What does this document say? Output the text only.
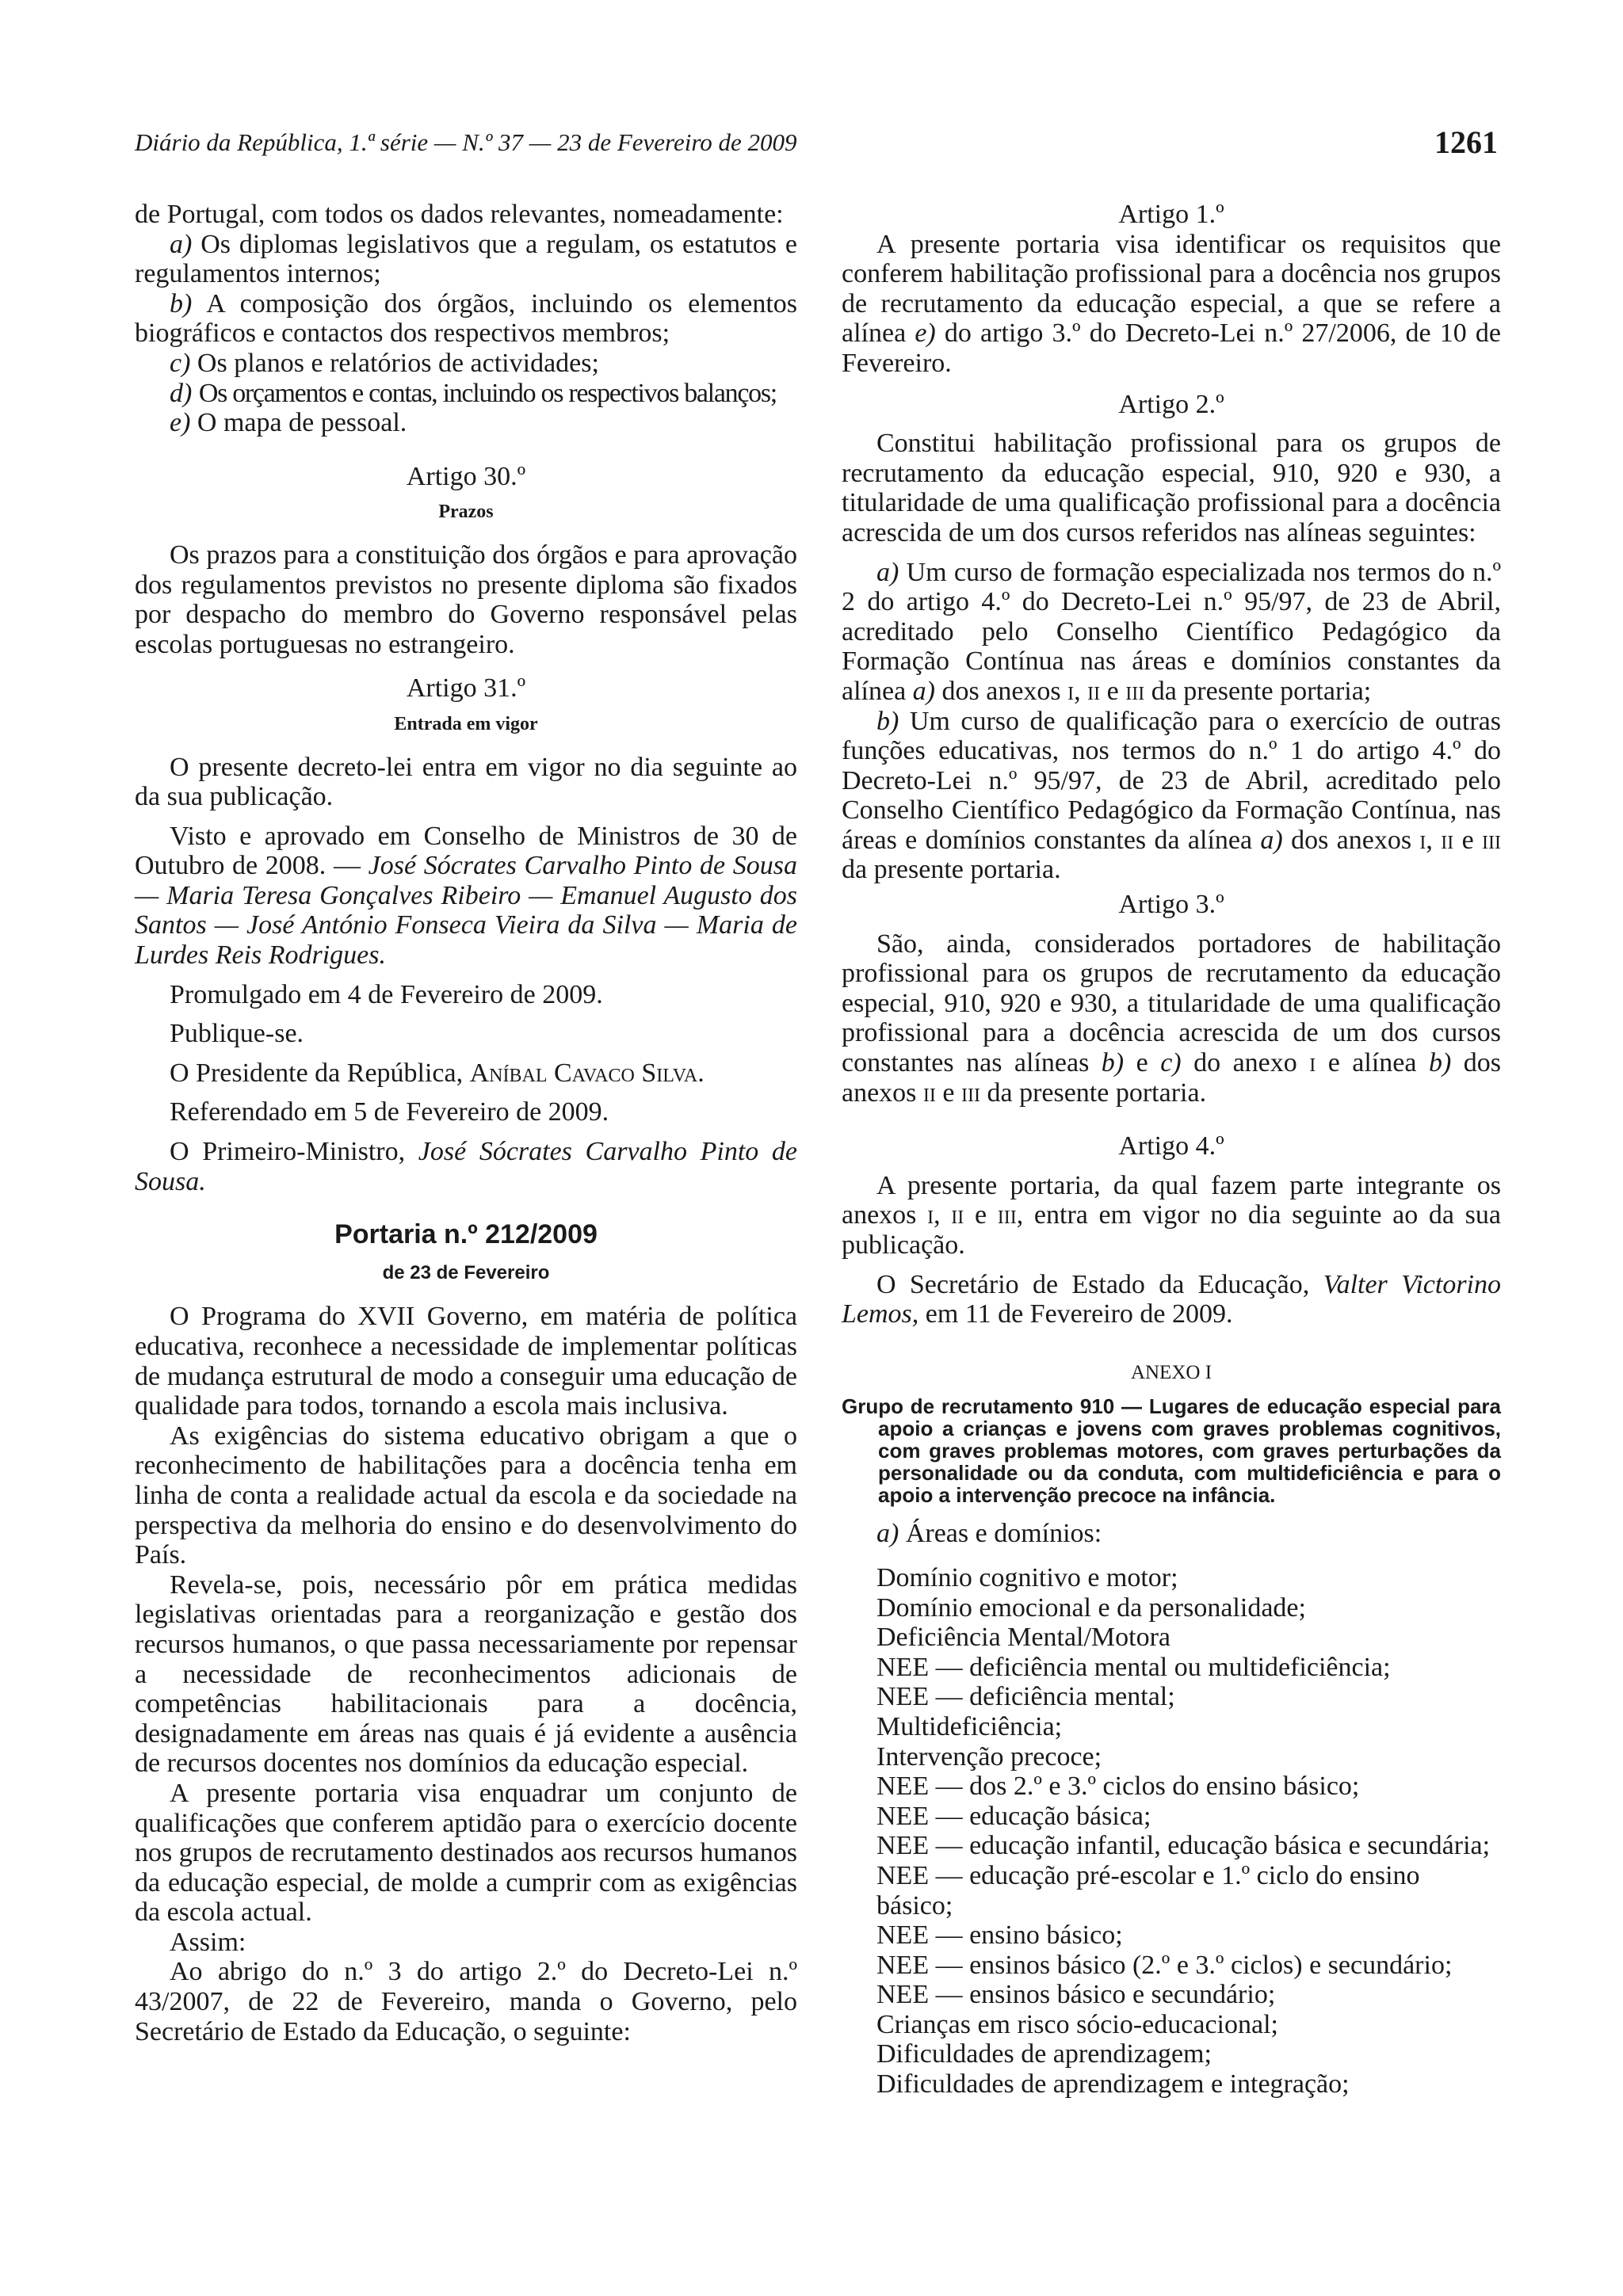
Diário da República, 1.ª série — N.º 37 — 23 de Fevereiro de 2009	1261

de Portugal, com todos os dados relevantes, nomeadamente:

a) Os diplomas legislativos que a regulam, os estatutos e regulamentos internos;

b) A composição dos órgãos, incluindo os elementos biográficos e contactos dos respectivos membros;

c) Os planos e relatórios de actividades;

d) Os orçamentos e contas, incluindo os respectivos balanços;

e) O mapa de pessoal.

Artigo 30.º

Prazos

Os prazos para a constituição dos órgãos e para aprovação dos regulamentos previstos no presente diploma são fixados por despacho do membro do Governo responsável pelas escolas portuguesas no estrangeiro.

Artigo 31.º

Entrada em vigor

O presente decreto-lei entra em vigor no dia seguinte ao da sua publicação.

Visto e aprovado em Conselho de Ministros de 30 de Outubro de 2008. — José Sócrates Carvalho Pinto de Sousa — Maria Teresa Gonçalves Ribeiro — Emanuel Augusto dos Santos — José António Fonseca Vieira da Silva — Maria de Lurdes Reis Rodrigues.

Promulgado em 4 de Fevereiro de 2009.

Publique-se.

O Presidente da República, Aníbal Cavaco Silva.

Referendado em 5 de Fevereiro de 2009.

O Primeiro-Ministro, José Sócrates Carvalho Pinto de Sousa.

Portaria n.º 212/2009

de 23 de Fevereiro

O Programa do XVII Governo, em matéria de política educativa, reconhece a necessidade de implementar políticas de mudança estrutural de modo a conseguir uma educação de qualidade para todos, tornando a escola mais inclusiva.

As exigências do sistema educativo obrigam a que o reconhecimento de habilitações para a docência tenha em linha de conta a realidade actual da escola e da sociedade na perspectiva da melhoria do ensino e do desenvolvimento do País.

Revela-se, pois, necessário pôr em prática medidas legislativas orientadas para a reorganização e gestão dos recursos humanos, o que passa necessariamente por repensar a necessidade de reconhecimentos adicionais de competências habilitacionais para a docência, designadamente em áreas nas quais é já evidente a ausência de recursos docentes nos domínios da educação especial.

A presente portaria visa enquadrar um conjunto de qualificações que conferem aptidão para o exercício docente nos grupos de recrutamento destinados aos recursos humanos da educação especial, de molde a cumprir com as exigências da escola actual.

Assim:

Ao abrigo do n.º 3 do artigo 2.º do Decreto-Lei n.º 43/2007, de 22 de Fevereiro, manda o Governo, pelo Secretário de Estado da Educação, o seguinte:

Artigo 1.º

A presente portaria visa identificar os requisitos que conferem habilitação profissional para a docência nos grupos de recrutamento da educação especial, a que se refere a alínea e) do artigo 3.º do Decreto-Lei n.º 27/2006, de 10 de Fevereiro.

Artigo 2.º

Constitui habilitação profissional para os grupos de recrutamento da educação especial, 910, 920 e 930, a titularidade de uma qualificação profissional para a docência acrescida de um dos cursos referidos nas alíneas seguintes:

a) Um curso de formação especializada nos termos do n.º 2 do artigo 4.º do Decreto-Lei n.º 95/97, de 23 de Abril, acreditado pelo Conselho Científico Pedagógico da Formação Contínua nas áreas e domínios constantes da alínea a) dos anexos i, ii e iii da presente portaria;

b) Um curso de qualificação para o exercício de outras funções educativas, nos termos do n.º 1 do artigo 4.º do Decreto-Lei n.º 95/97, de 23 de Abril, acreditado pelo Conselho Científico Pedagógico da Formação Contínua, nas áreas e domínios constantes da alínea a) dos anexos i, ii e iii da presente portaria.

Artigo 3.º

São, ainda, considerados portadores de habilitação profissional para os grupos de recrutamento da educação especial, 910, 920 e 930, a titularidade de uma qualificação profissional para a docência acrescida de um dos cursos constantes nas alíneas b) e c) do anexo i e alínea b) dos anexos ii e iii da presente portaria.

Artigo 4.º

A presente portaria, da qual fazem parte integrante os anexos i, ii e iii, entra em vigor no dia seguinte ao da sua publicação.

O Secretário de Estado da Educação, Valter Victorino Lemos, em 11 de Fevereiro de 2009.

ANEXO I

Grupo de recrutamento 910 — Lugares de educação especial para apoio a crianças e jovens com graves problemas cognitivos, com graves problemas motores, com graves perturbações da personalidade ou da conduta, com multideficiência e para o apoio a intervenção precoce na infância.

a) Áreas e domínios:

Domínio cognitivo e motor;
Domínio emocional e da personalidade;
Deficiência Mental/Motora
NEE — deficiência mental ou multideficiência;
NEE — deficiência mental;
Multideficiência;
Intervenção precoce;
NEE — dos 2.º e 3.º ciclos do ensino básico;
NEE — educação básica;
NEE — educação infantil, educação básica e secundária;
NEE — educação pré-escolar e 1.º ciclo do ensino básico;
NEE — ensino básico;
NEE — ensinos básico (2.º e 3.º ciclos) e secundário;
NEE — ensinos básico e secundário;
Crianças em risco sócio-educacional;
Dificuldades de aprendizagem;
Dificuldades de aprendizagem e integração;
